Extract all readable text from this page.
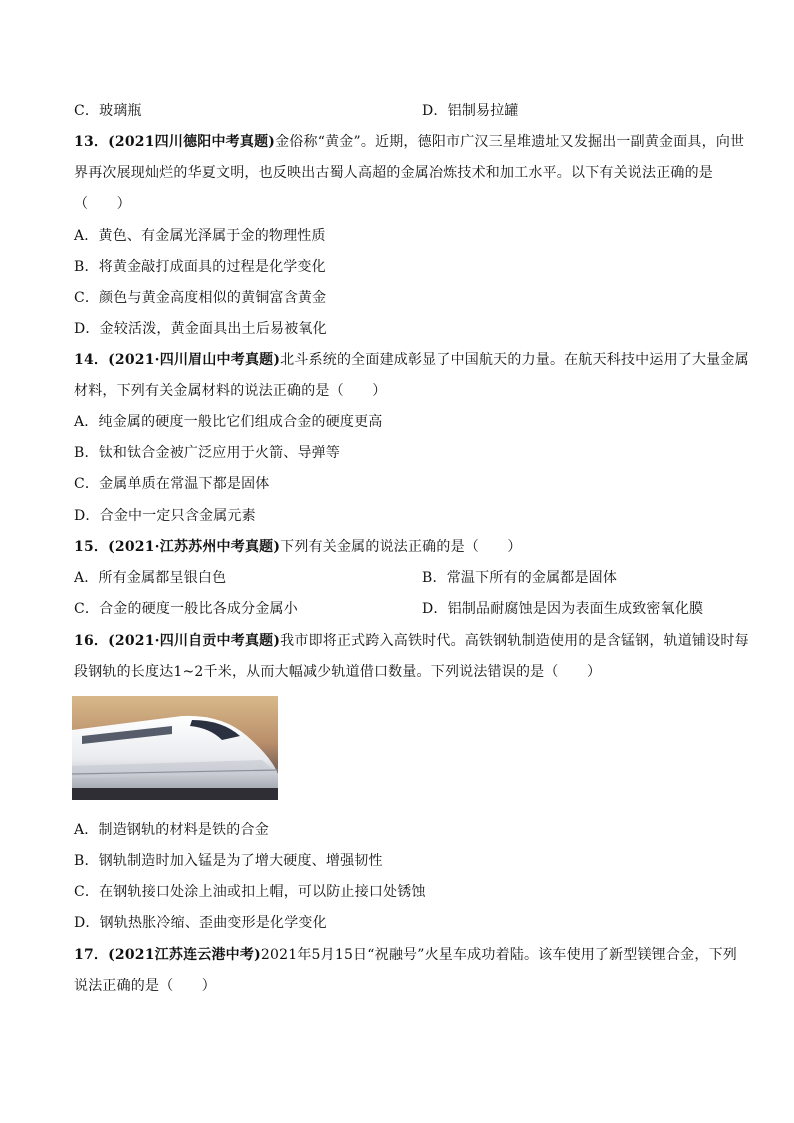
C．玻璃瓶	D．铝制易拉罐
13．(2021四川德阳中考真题)金俗称“黄金”。近期，德阳市广汉三星堆遗址又发掘出一副黄金面具，向世
界再次展现灿烂的华夏文明，也反映出古蜀人高超的金属冶炼技术和加工水平。以下有关说法正确的是
（　　）
A．黄色、有金属光泽属于金的物理性质
B．将黄金敲打成面具的过程是化学变化
C．颜色与黄金高度相似的黄铜富含黄金
D．金较活泼，黄金面具出土后易被氧化
14．(2021·四川眉山中考真题)北斗系统的全面建成彰显了中国航天的力量。在航天科技中运用了大量金属
材料，下列有关金属材料的说法正确的是（　　）
A．纯金属的硬度一般比它们组成合金的硬度更高
B．钛和钛合金被广泛应用于火箭、导弹等
C．金属单质在常温下都是固体
D．合金中一定只含金属元素
15．(2021·江苏苏州中考真题)下列有关金属的说法正确的是（　　）
A．所有金属都呈银白色	B．常温下所有的金属都是固体
C．合金的硬度一般比各成分金属小	D．铝制品耐腐蚀是因为表面生成致密氧化膜
16．(2021·四川自贡中考真题)我市即将正式跨入高铁时代。高铁钢轨制造使用的是含锰钢，轨道铺设时每
段钢轨的长度达1~2千米，从而大幅减少轨道借口数量。下列说法错误的是（　　）
A．制造钢轨的材料是铁的合金
B．钢轨制造时加入锰是为了增大硬度、增强韧性
C．在钢轨接口处涂上油或扣上帽，可以防止接口处锈蚀
D．钢轨热胀冷缩、歪曲变形是化学变化
17．(2021江苏连云港中考)2021年5月15日“祝融号”火星车成功着陆。该车使用了新型镁锂合金，下列
说法正确的是（　　）
